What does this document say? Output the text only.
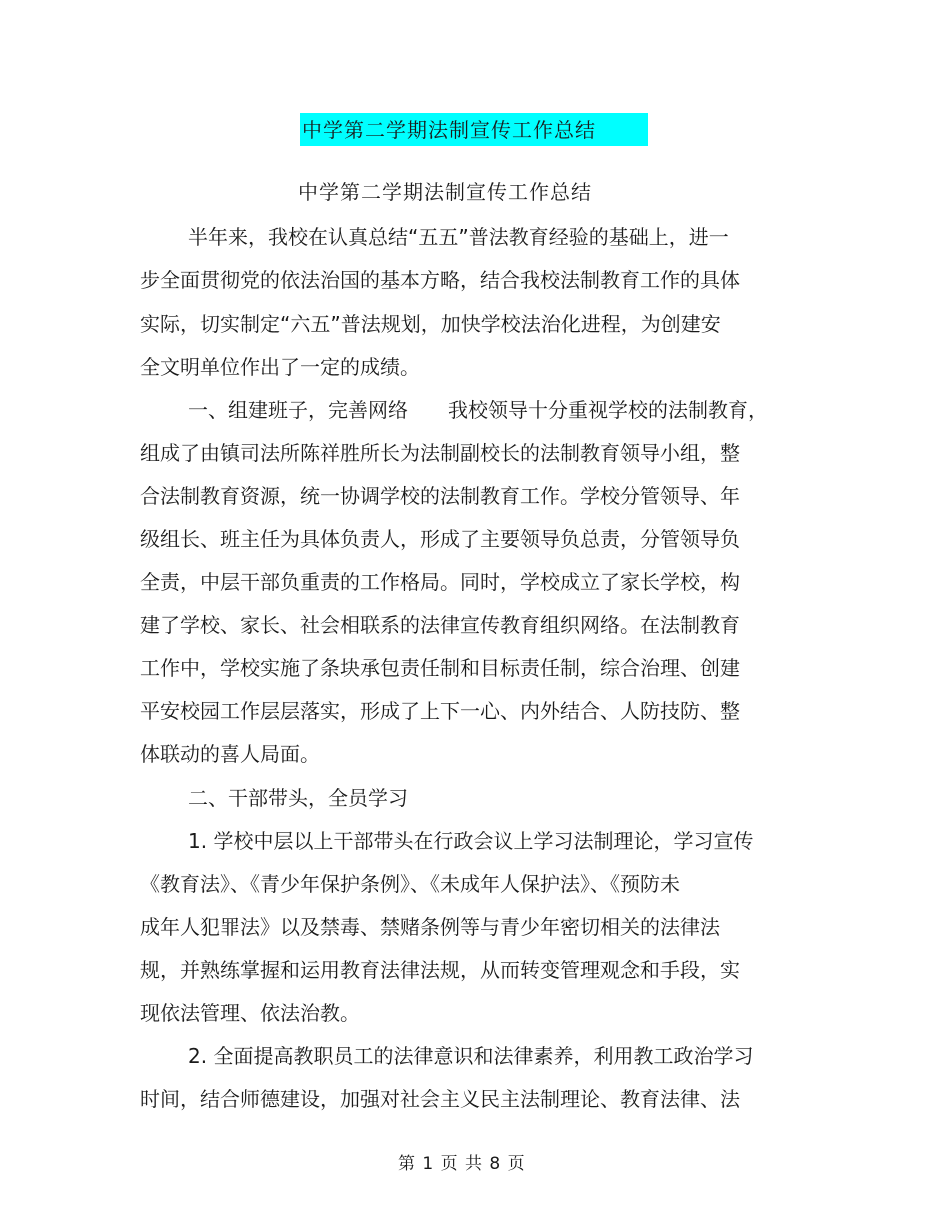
中学第二学期法制宣传工作总结
中学第二学期法制宣传工作总结
半年来，我校在认真总结“五五”普法教育经验的基础上，进一
步全面贯彻党的依法治国的基本方略，结合我校法制教育工作的具体
实际，切实制定“六五”普法规划，加快学校法治化进程，为创建安
全文明单位作出了一定的成绩。
一、组建班子，完善网络　　我校领导十分重视学校的法制教育，
组成了由镇司法所陈祥胜所长为法制副校长的法制教育领导小组，整
合法制教育资源，统一协调学校的法制教育工作。学校分管领导、年
级组长、班主任为具体负责人，形成了主要领导负总责，分管领导负
全责，中层干部负重责的工作格局。同时，学校成立了家长学校，构
建了学校、家长、社会相联系的法律宣传教育组织网络。在法制教育
工作中，学校实施了条块承包责任制和目标责任制，综合治理、创建
平安校园工作层层落实，形成了上下一心、内外结合、人防技防、整
体联动的喜人局面。
二、干部带头，全员学习
1. 学校中层以上干部带头在行政会议上学习法制理论，学习宣传
《教育法》、《青少年保护条例》、《未成年人保护法》、《预防未
成年人犯罪法》以及禁毒、禁赌条例等与青少年密切相关的法律法
规，并熟练掌握和运用教育法律法规，从而转变管理观念和手段，实
现依法管理、依法治教。
2. 全面提高教职员工的法律意识和法律素养，利用教工政治学习
时间，结合师德建设，加强对社会主义民主法制理论、教育法律、法
第 1 页 共 8 页
